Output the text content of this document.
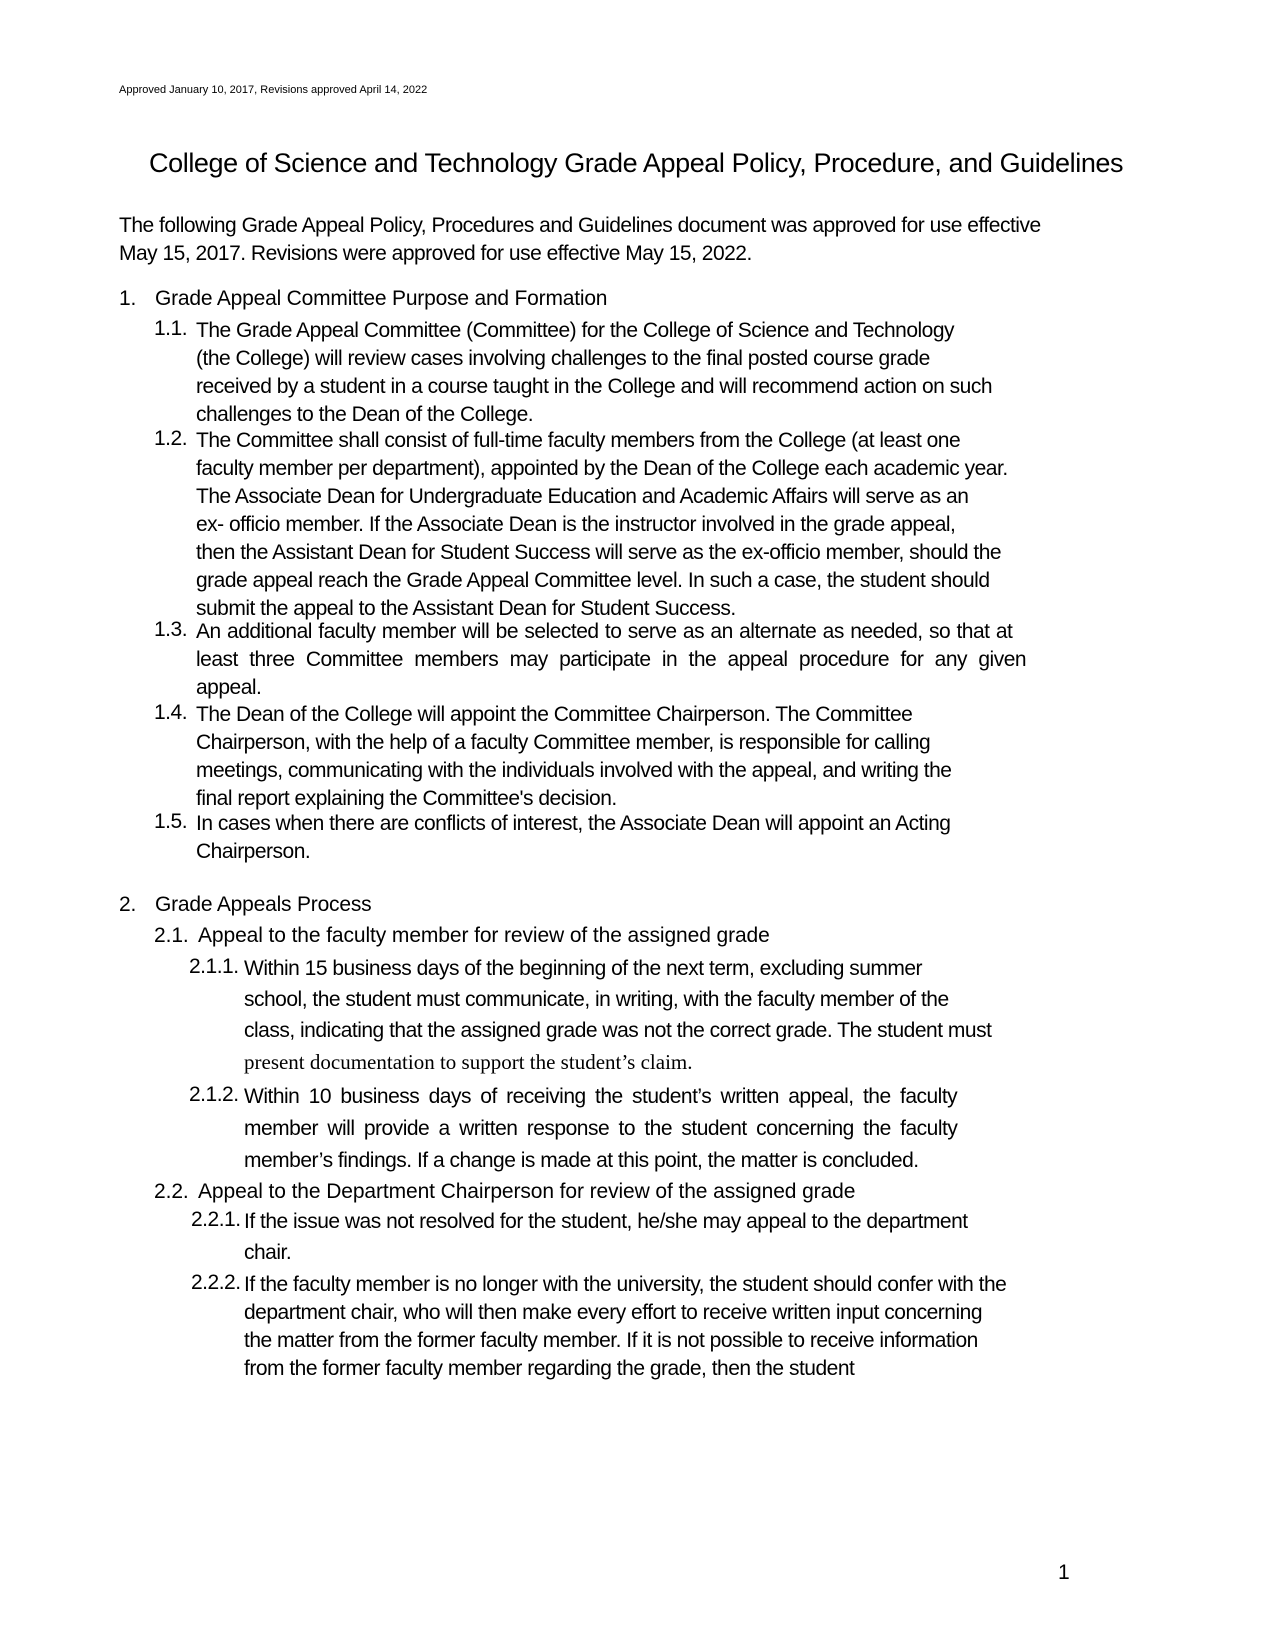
Approved January 10, 2017, Revisions approved April 14, 2022
College of Science and Technology Grade Appeal Policy, Procedure, and Guidelines
The following Grade Appeal Policy, Procedures and Guidelines document was approved for use effective
May 15, 2017. Revisions were approved for use effective May 15, 2022.
1. Grade Appeal Committee Purpose and Formation
1.1. The Grade Appeal Committee (Committee) for the College of Science and Technology
(the College) will review cases involving challenges to the final posted course grade
received by a student in a course taught in the College and will recommend action on such
challenges to the Dean of the College.
1.2. The Committee shall consist of full-time faculty members from the College (at least one
faculty member per department), appointed by the Dean of the College each academic year.
The Associate Dean for Undergraduate Education and Academic Affairs will serve as an
ex- officio member. If the Associate Dean is the instructor involved in the grade appeal,
then the Assistant Dean for Student Success will serve as the ex-officio member, should the
grade appeal reach the Grade Appeal Committee level. In such a case, the student should
submit the appeal to the Assistant Dean for Student Success.
1.3. An additional faculty member will be selected to serve as an alternate as needed, so that at
least three Committee members may participate in the appeal procedure for any given
appeal.
1.4. The Dean of the College will appoint the Committee Chairperson. The Committee
Chairperson, with the help of a faculty Committee member, is responsible for calling
meetings, communicating with the individuals involved with the appeal, and writing the
final report explaining the Committee's decision.
1.5. In cases when there are conflicts of interest, the Associate Dean will appoint an Acting
Chairperson.
2. Grade Appeals Process
2.1. Appeal to the faculty member for review of the assigned grade
2.1.1. Within 15 business days of the beginning of the next term, excluding summer
school, the student must communicate, in writing, with the faculty member of the
class, indicating that the assigned grade was not the correct grade. The student must
present documentation to support the student’s claim.
2.1.2. Within 10 business days of receiving the student’s written appeal, the faculty
member will provide a written response to the student concerning the faculty
member’s findings. If a change is made at this point, the matter is concluded.
2.2. Appeal to the Department Chairperson for review of the assigned grade
2.2.1. If the issue was not resolved for the student, he/she may appeal to the department
chair.
2.2.2. If the faculty member is no longer with the university, the student should confer with the
department chair, who will then make every effort to receive written input concerning
the matter from the former faculty member. If it is not possible to receive information
from the former faculty member regarding the grade, then the student
1
